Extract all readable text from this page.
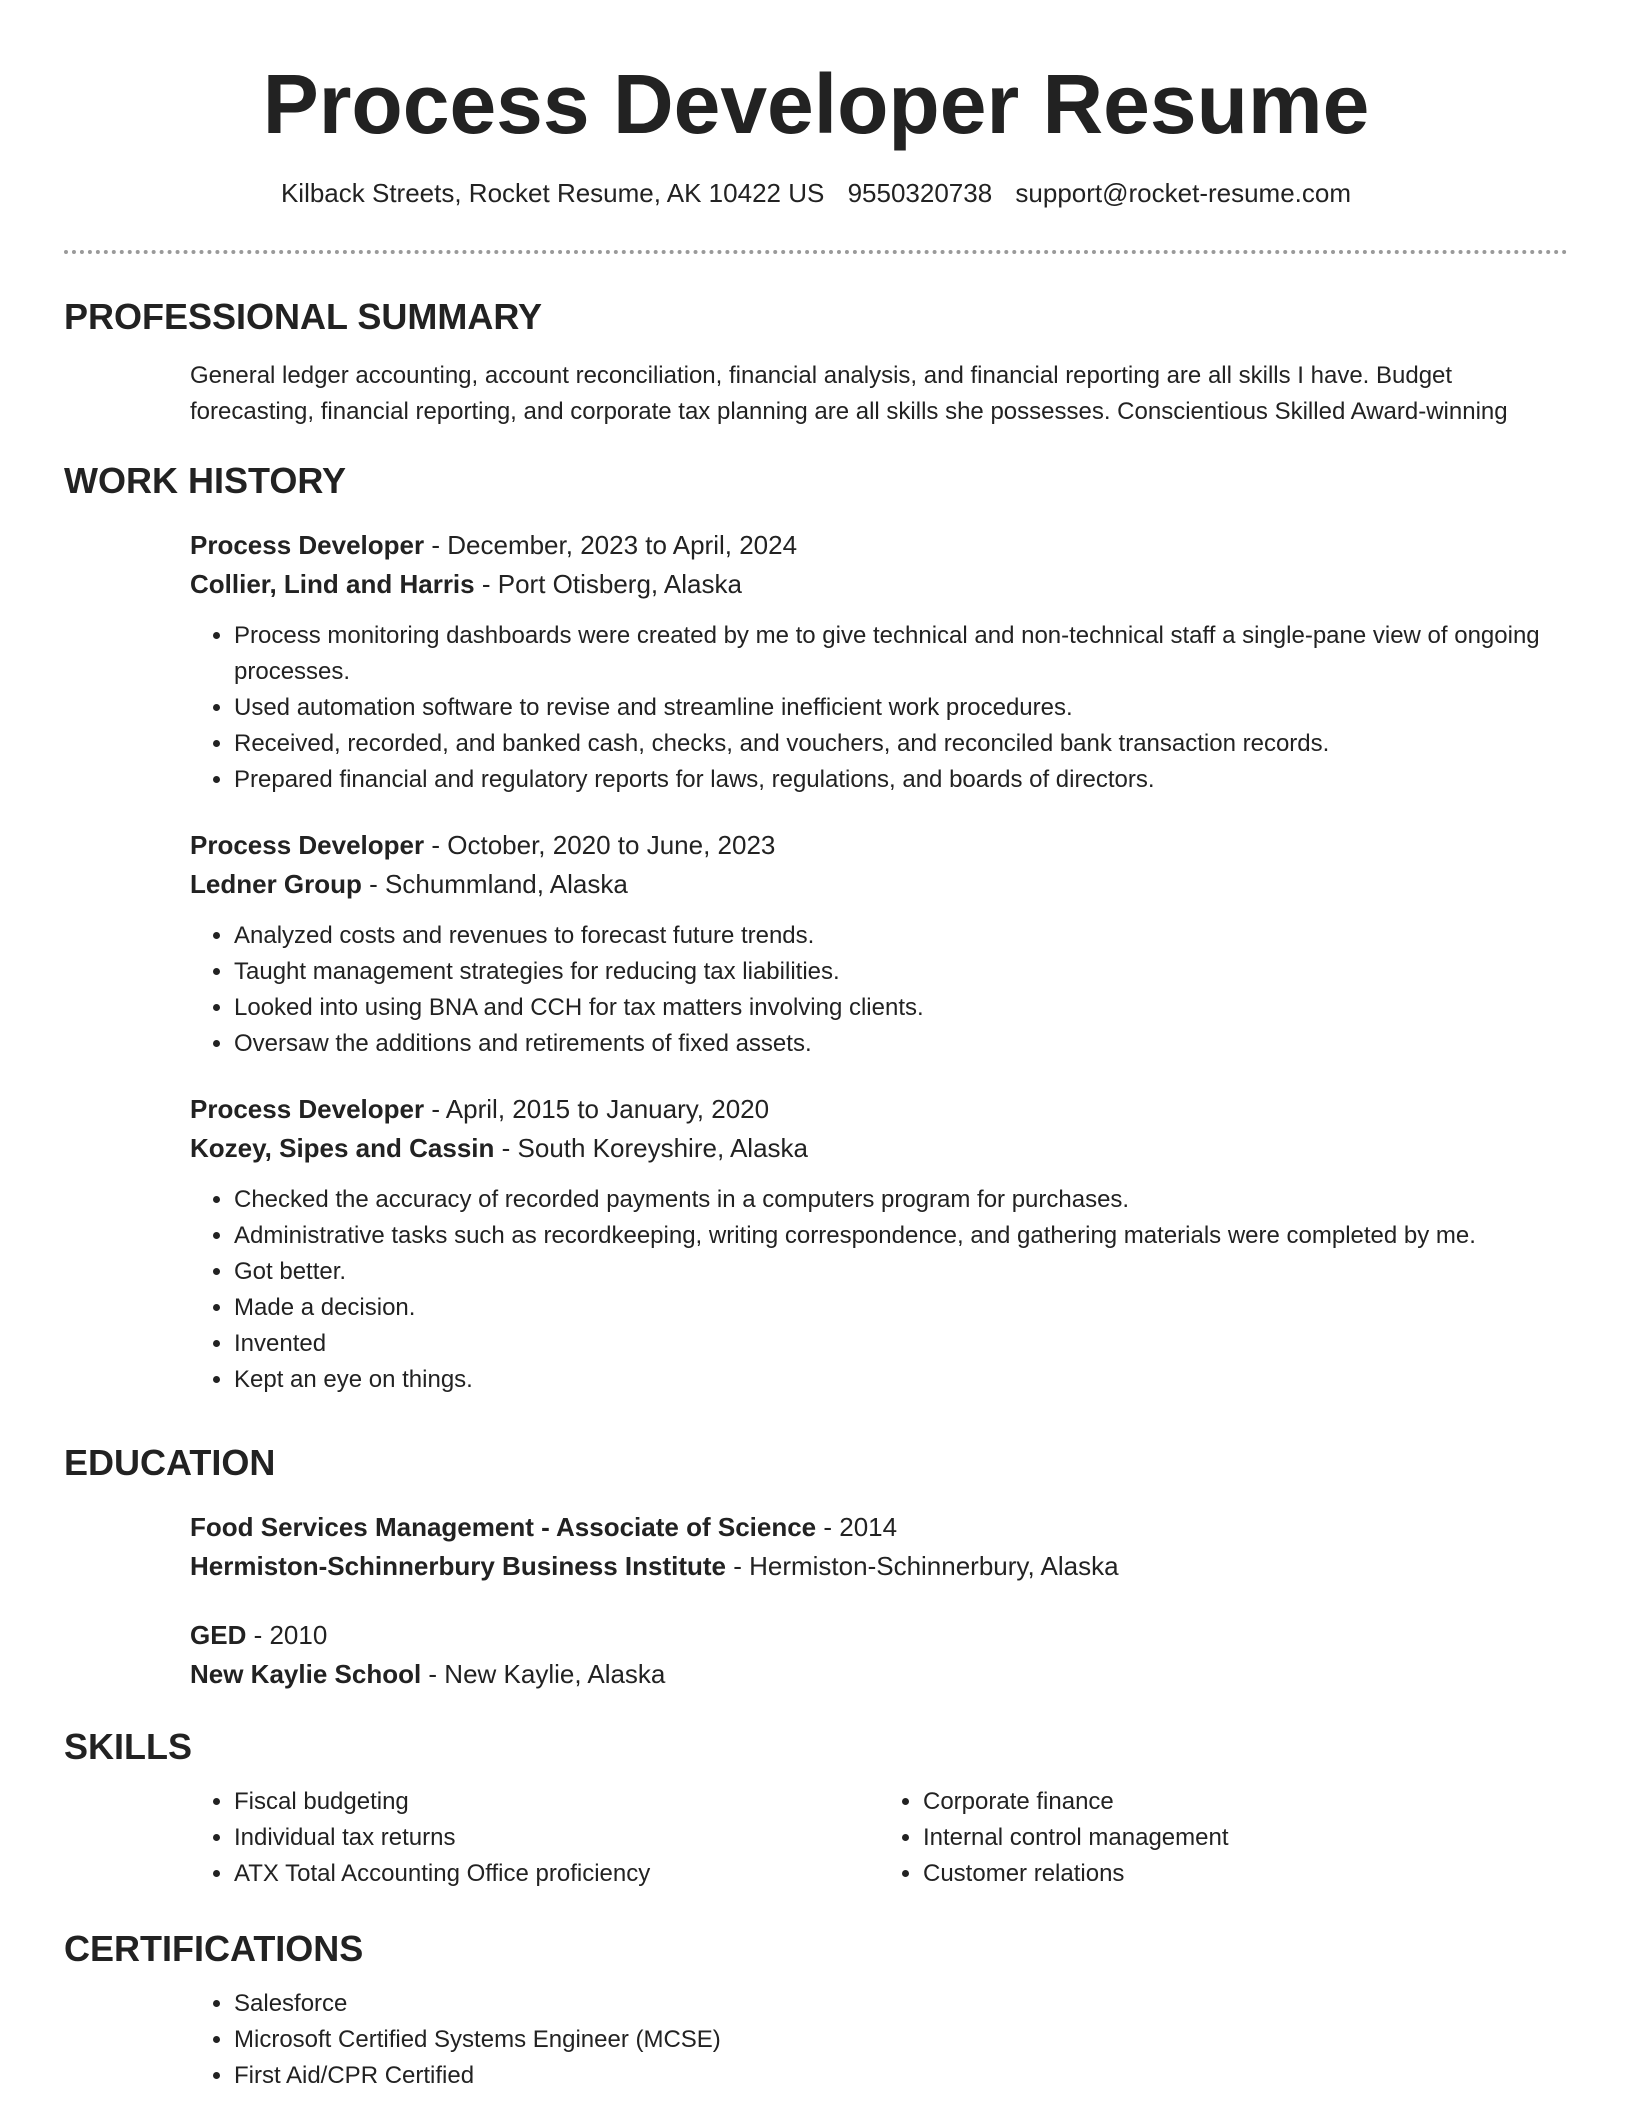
Process Developer Resume
Kilback Streets, Rocket Resume, AK 10422 US 9550320738 support@rocket-resume.com
PROFESSIONAL SUMMARY
General ledger accounting, account reconciliation, financial analysis, and financial reporting are all skills I have. Budget forecasting, financial reporting, and corporate tax planning are all skills she possesses. Conscientious Skilled Award-winning
WORK HISTORY
Process Developer - December, 2023 to April, 2024
Collier, Lind and Harris - Port Otisberg, Alaska
• Process monitoring dashboards were created by me to give technical and non-technical staff a single-pane view of ongoing processes.
• Used automation software to revise and streamline inefficient work procedures.
• Received, recorded, and banked cash, checks, and vouchers, and reconciled bank transaction records.
• Prepared financial and regulatory reports for laws, regulations, and boards of directors.
Process Developer - October, 2020 to June, 2023
Ledner Group - Schummland, Alaska
• Analyzed costs and revenues to forecast future trends.
• Taught management strategies for reducing tax liabilities.
• Looked into using BNA and CCH for tax matters involving clients.
• Oversaw the additions and retirements of fixed assets.
Process Developer - April, 2015 to January, 2020
Kozey, Sipes and Cassin - South Koreyshire, Alaska
• Checked the accuracy of recorded payments in a computers program for purchases.
• Administrative tasks such as recordkeeping, writing correspondence, and gathering materials were completed by me.
• Got better.
• Made a decision.
• Invented
• Kept an eye on things.
EDUCATION
Food Services Management - Associate of Science - 2014
Hermiston-Schinnerbury Business Institute - Hermiston-Schinnerbury, Alaska
GED - 2010
New Kaylie School - New Kaylie, Alaska
SKILLS
• Fiscal budgeting
• Individual tax returns
• ATX Total Accounting Office proficiency
• Corporate finance
• Internal control management
• Customer relations
CERTIFICATIONS
• Salesforce
• Microsoft Certified Systems Engineer (MCSE)
• First Aid/CPR Certified
